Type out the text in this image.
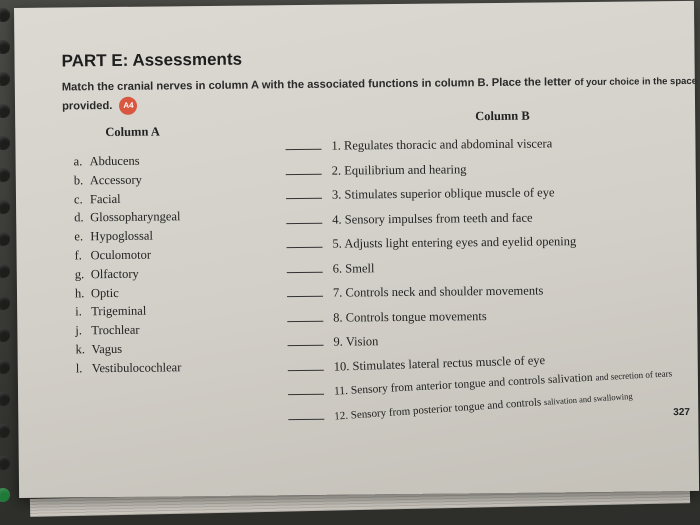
PART E: Assessments
Match the cranial nerves in column A with the associated functions in column B. Place the letter of your choice in the space
provided. A4
Column A
Column B
a. Abducens
b. Accessory
c. Facial
d. Glossopharyngeal
e. Hypoglossal
f. Oculomotor
g. Olfactory
h. Optic
i. Trigeminal
j. Trochlear
k. Vagus
l. Vestibulocochlear
1. Regulates thoracic and abdominal viscera
2. Equilibrium and hearing
3. Stimulates superior oblique muscle of eye
4. Sensory impulses from teeth and face
5. Adjusts light entering eyes and eyelid opening
6. Smell
7. Controls neck and shoulder movements
8. Controls tongue movements
9. Vision
10. Stimulates lateral rectus muscle of eye
11. Sensory from anterior tongue and controls salivation and secretion of tears
12. Sensory from posterior tongue and controls salivation and swallowing
327
